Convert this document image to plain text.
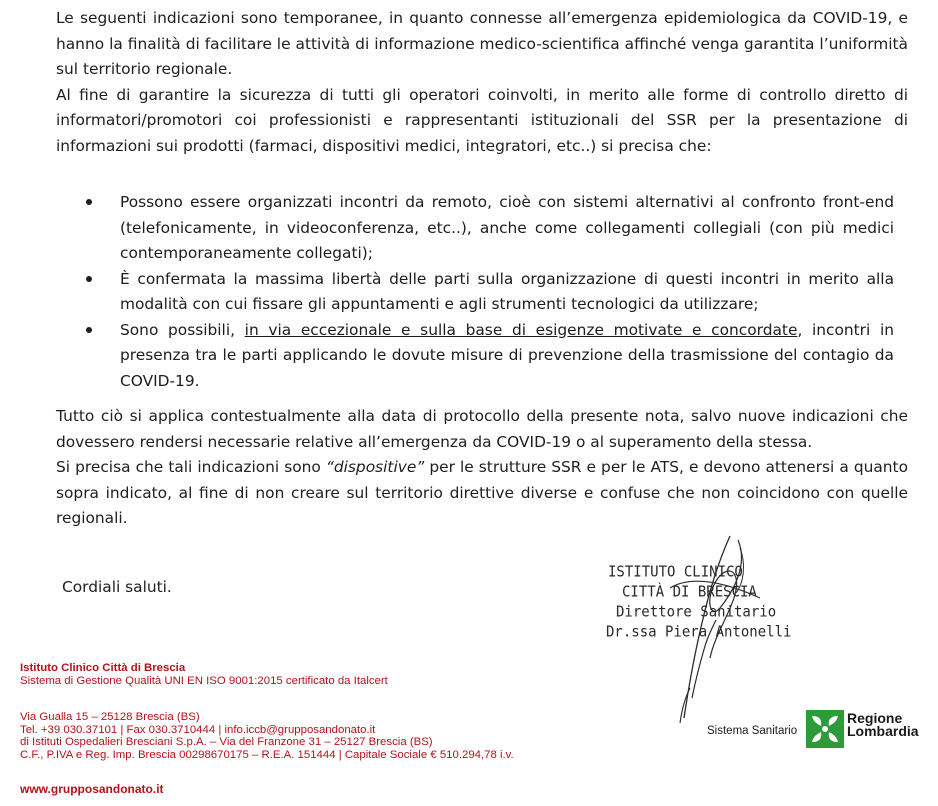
Le seguenti indicazioni sono temporanee, in quanto connesse all’emergenza epidemiologica da COVID-19, e hanno la finalità di facilitare le attività di informazione medico-scientifica affinché venga garantita l’uniformità sul territorio regionale.

Al fine di garantire la sicurezza di tutti gli operatori coinvolti, in merito alle forme di controllo diretto di informatori/promotori coi professionisti e rappresentanti istituzionali del SSR per la presentazione di informazioni sui prodotti (farmaci, dispositivi medici, integratori, etc..) si precisa che:

Possono essere organizzati incontri da remoto, cioè con sistemi alternativi al confronto front-end (telefonicamente, in videoconferenza, etc..), anche come collegamenti collegiali (con più medici contemporaneamente collegati);
È confermata la massima libertà delle parti sulla organizzazione di questi incontri in merito alla modalità con cui fissare gli appuntamenti e agli strumenti tecnologici da utilizzare;
Sono possibili, in via eccezionale e sulla base di esigenze motivate e concordate, incontri in presenza tra le parti applicando le dovute misure di prevenzione della trasmissione del contagio da COVID-19.

Tutto ciò si applica contestualmente alla data di protocollo della presente nota, salvo nuove indicazioni che dovessero rendersi necessarie relative all’emergenza da COVID-19 o al superamento della stessa.

Si precisa che tali indicazioni sono “dispositive” per le strutture SSR e per le ATS, e devono attenersi a quanto sopra indicato, al fine di non creare sul territorio direttive diverse e confuse che non coincidono con quelle regionali.

Cordiali saluti.
ISTITUTO CLINICO
CITTÀ DI BRESCIA
Direttore Sanitario
Dr.ssa Piera Antonelli
Istituto Clinico Città di Brescia
Sistema di Gestione Qualità UNI EN ISO 9001:2015 certificato da Italcert
Via Gualla 15 – 25128 Brescia (BS)
Tel. +39 030.37101 | Fax 030.3710444 | info.iccb@grupposandonato.it
di Istituti Ospedalieri Bresciani S.p.A. – Via del Franzone 31 – 25127 Brescia (BS)
C.F., P.IVA e Reg. Imp. Brescia 00298670175 – R.E.A. 151444 | Capitale Sociale € 510.294,78 i.v.
www.grupposandonato.it
Sistema Sanitario
Regione
Lombardia
